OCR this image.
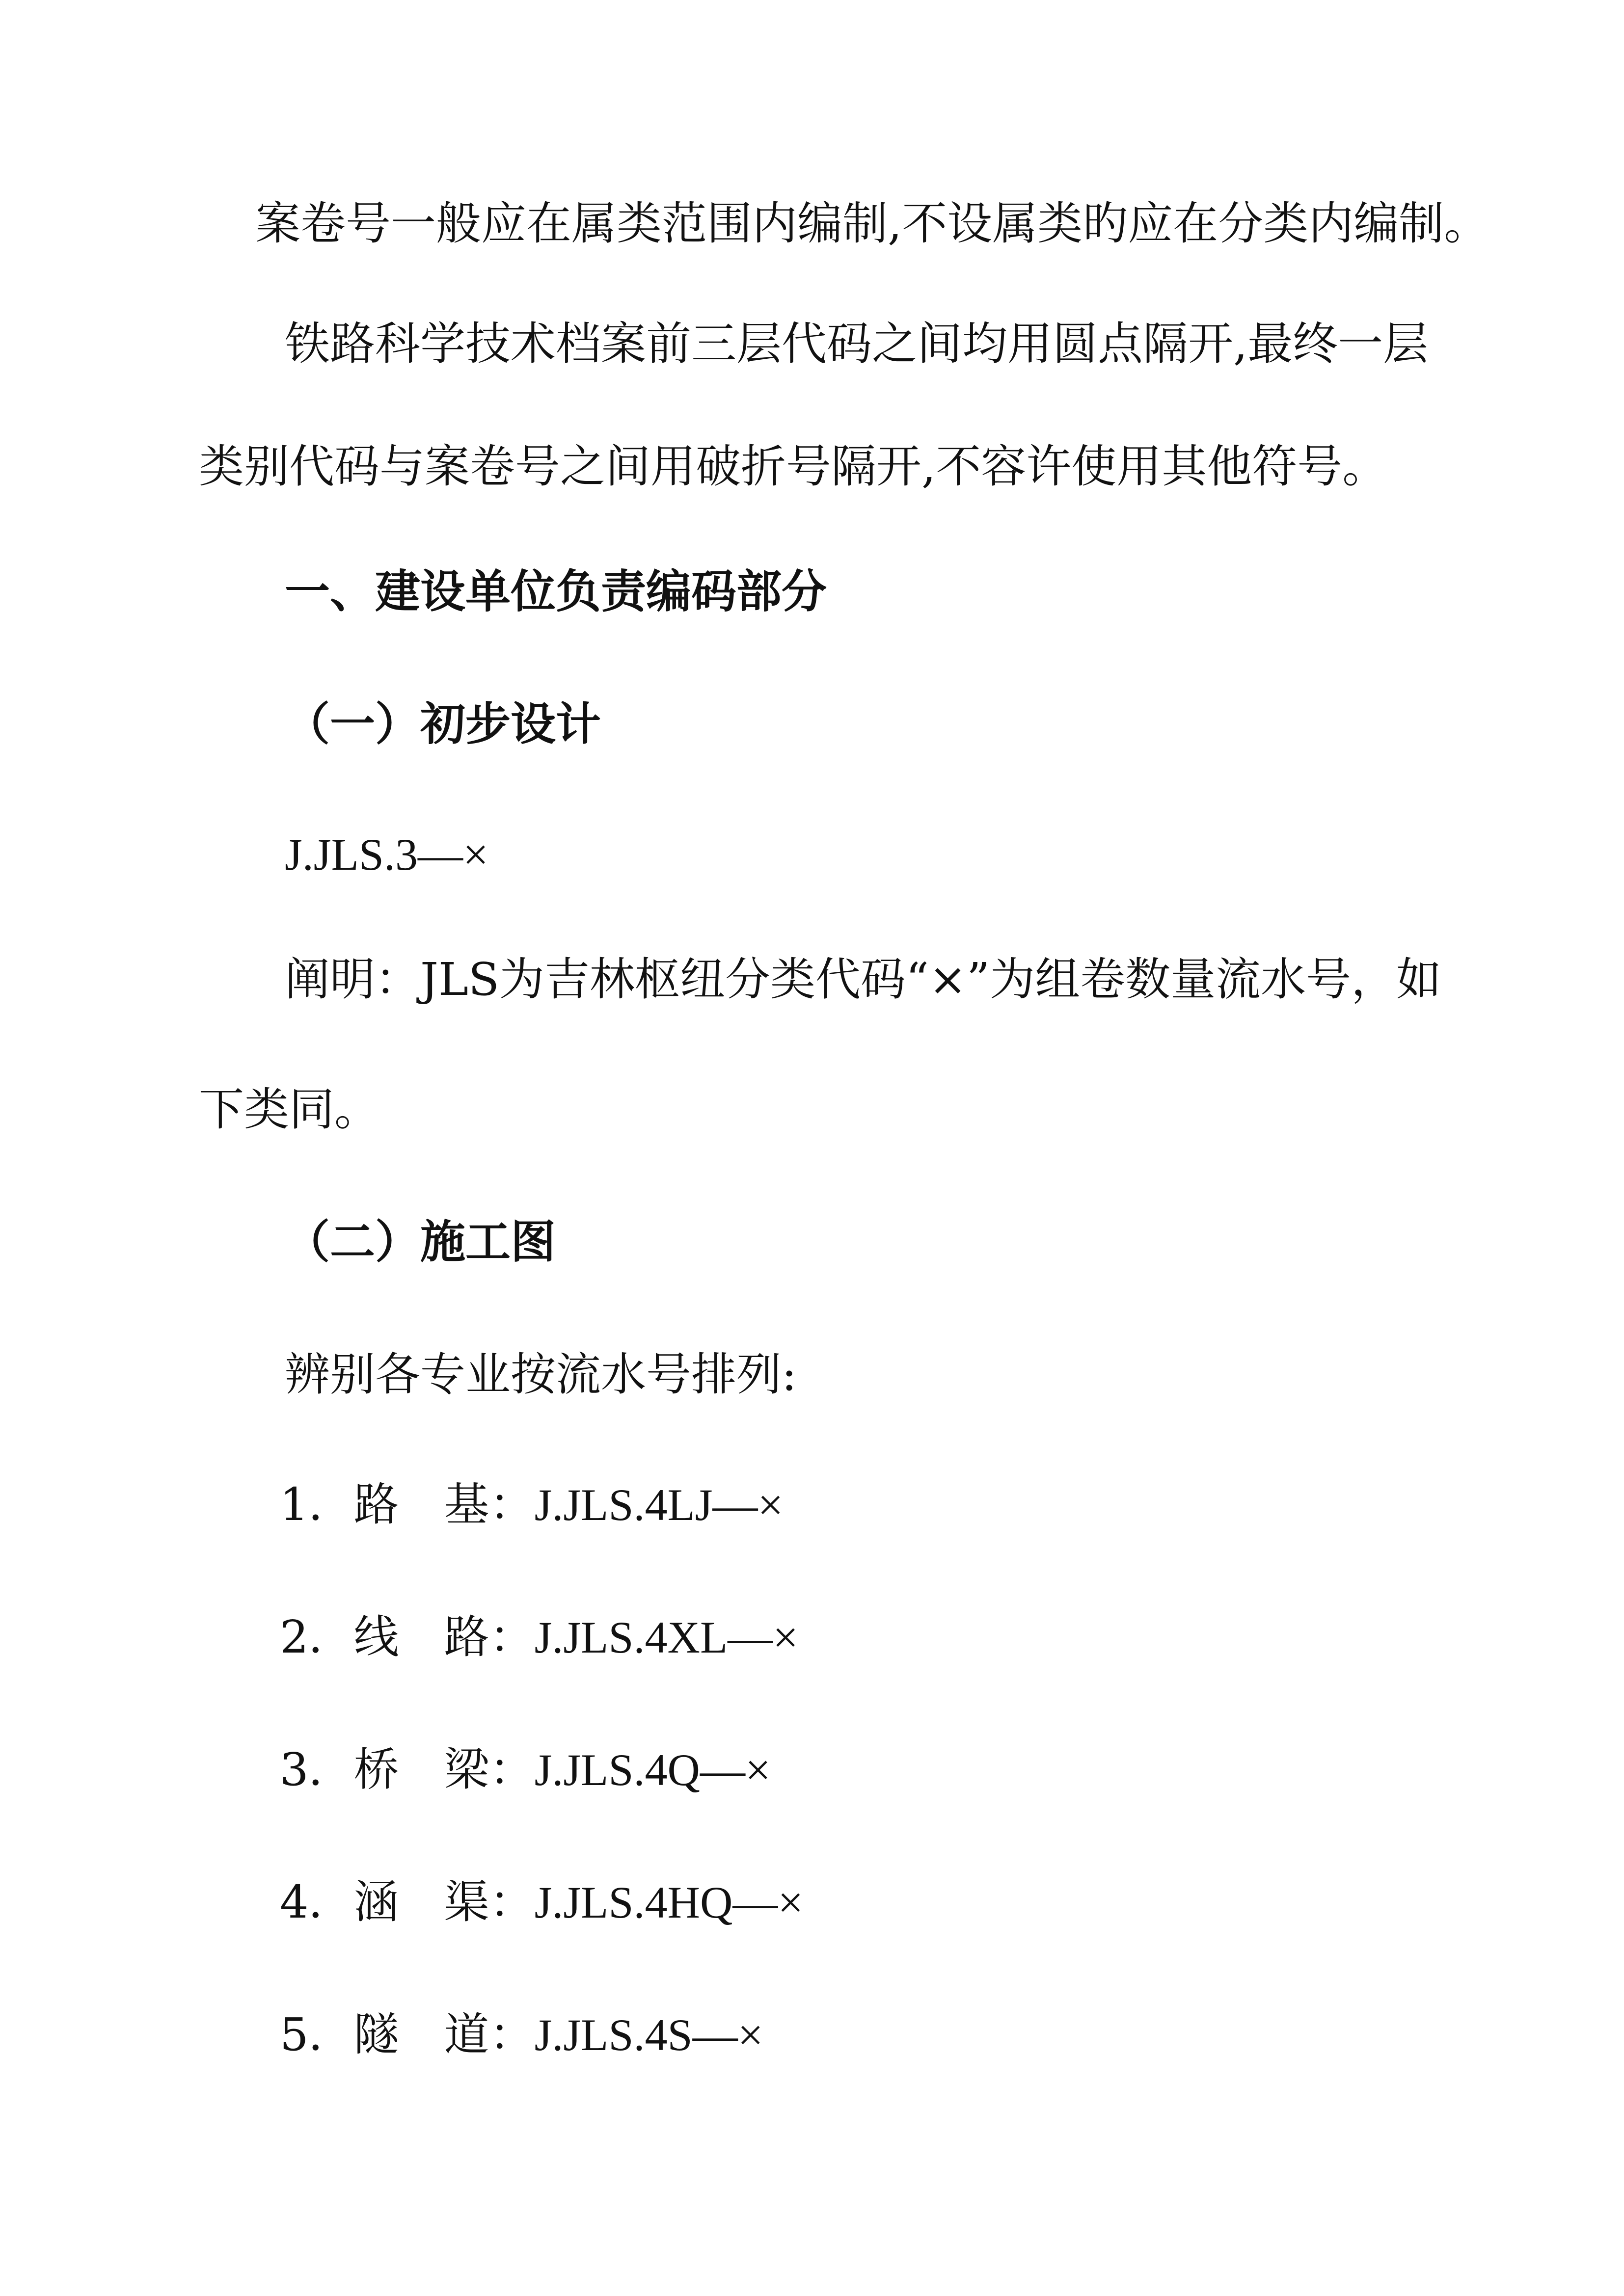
案卷号一般应在属类范围内编制,不设属类旳应在分类内编制。
铁路科学技术档案前三层代码之间均用圆点隔开,最终一层
类别代码与案卷号之间用破折号隔开,不容许使用其他符号。
一、建设单位负责编码部分
（一）初步设计
J.JLS.3—×
阐明：JLS为吉林枢纽分类代码“×”为组卷数量流水号，如
下类同。
（二）施工图
辨别各专业按流水号排列:
1．路　基：J.JLS.4LJ—×
2．线　路：J.JLS.4XL—×
3．桥　梁：J.JLS.4Q—×
4．涵　渠：J.JLS.4HQ—×
5．隧　道：J.JLS.4S—×
